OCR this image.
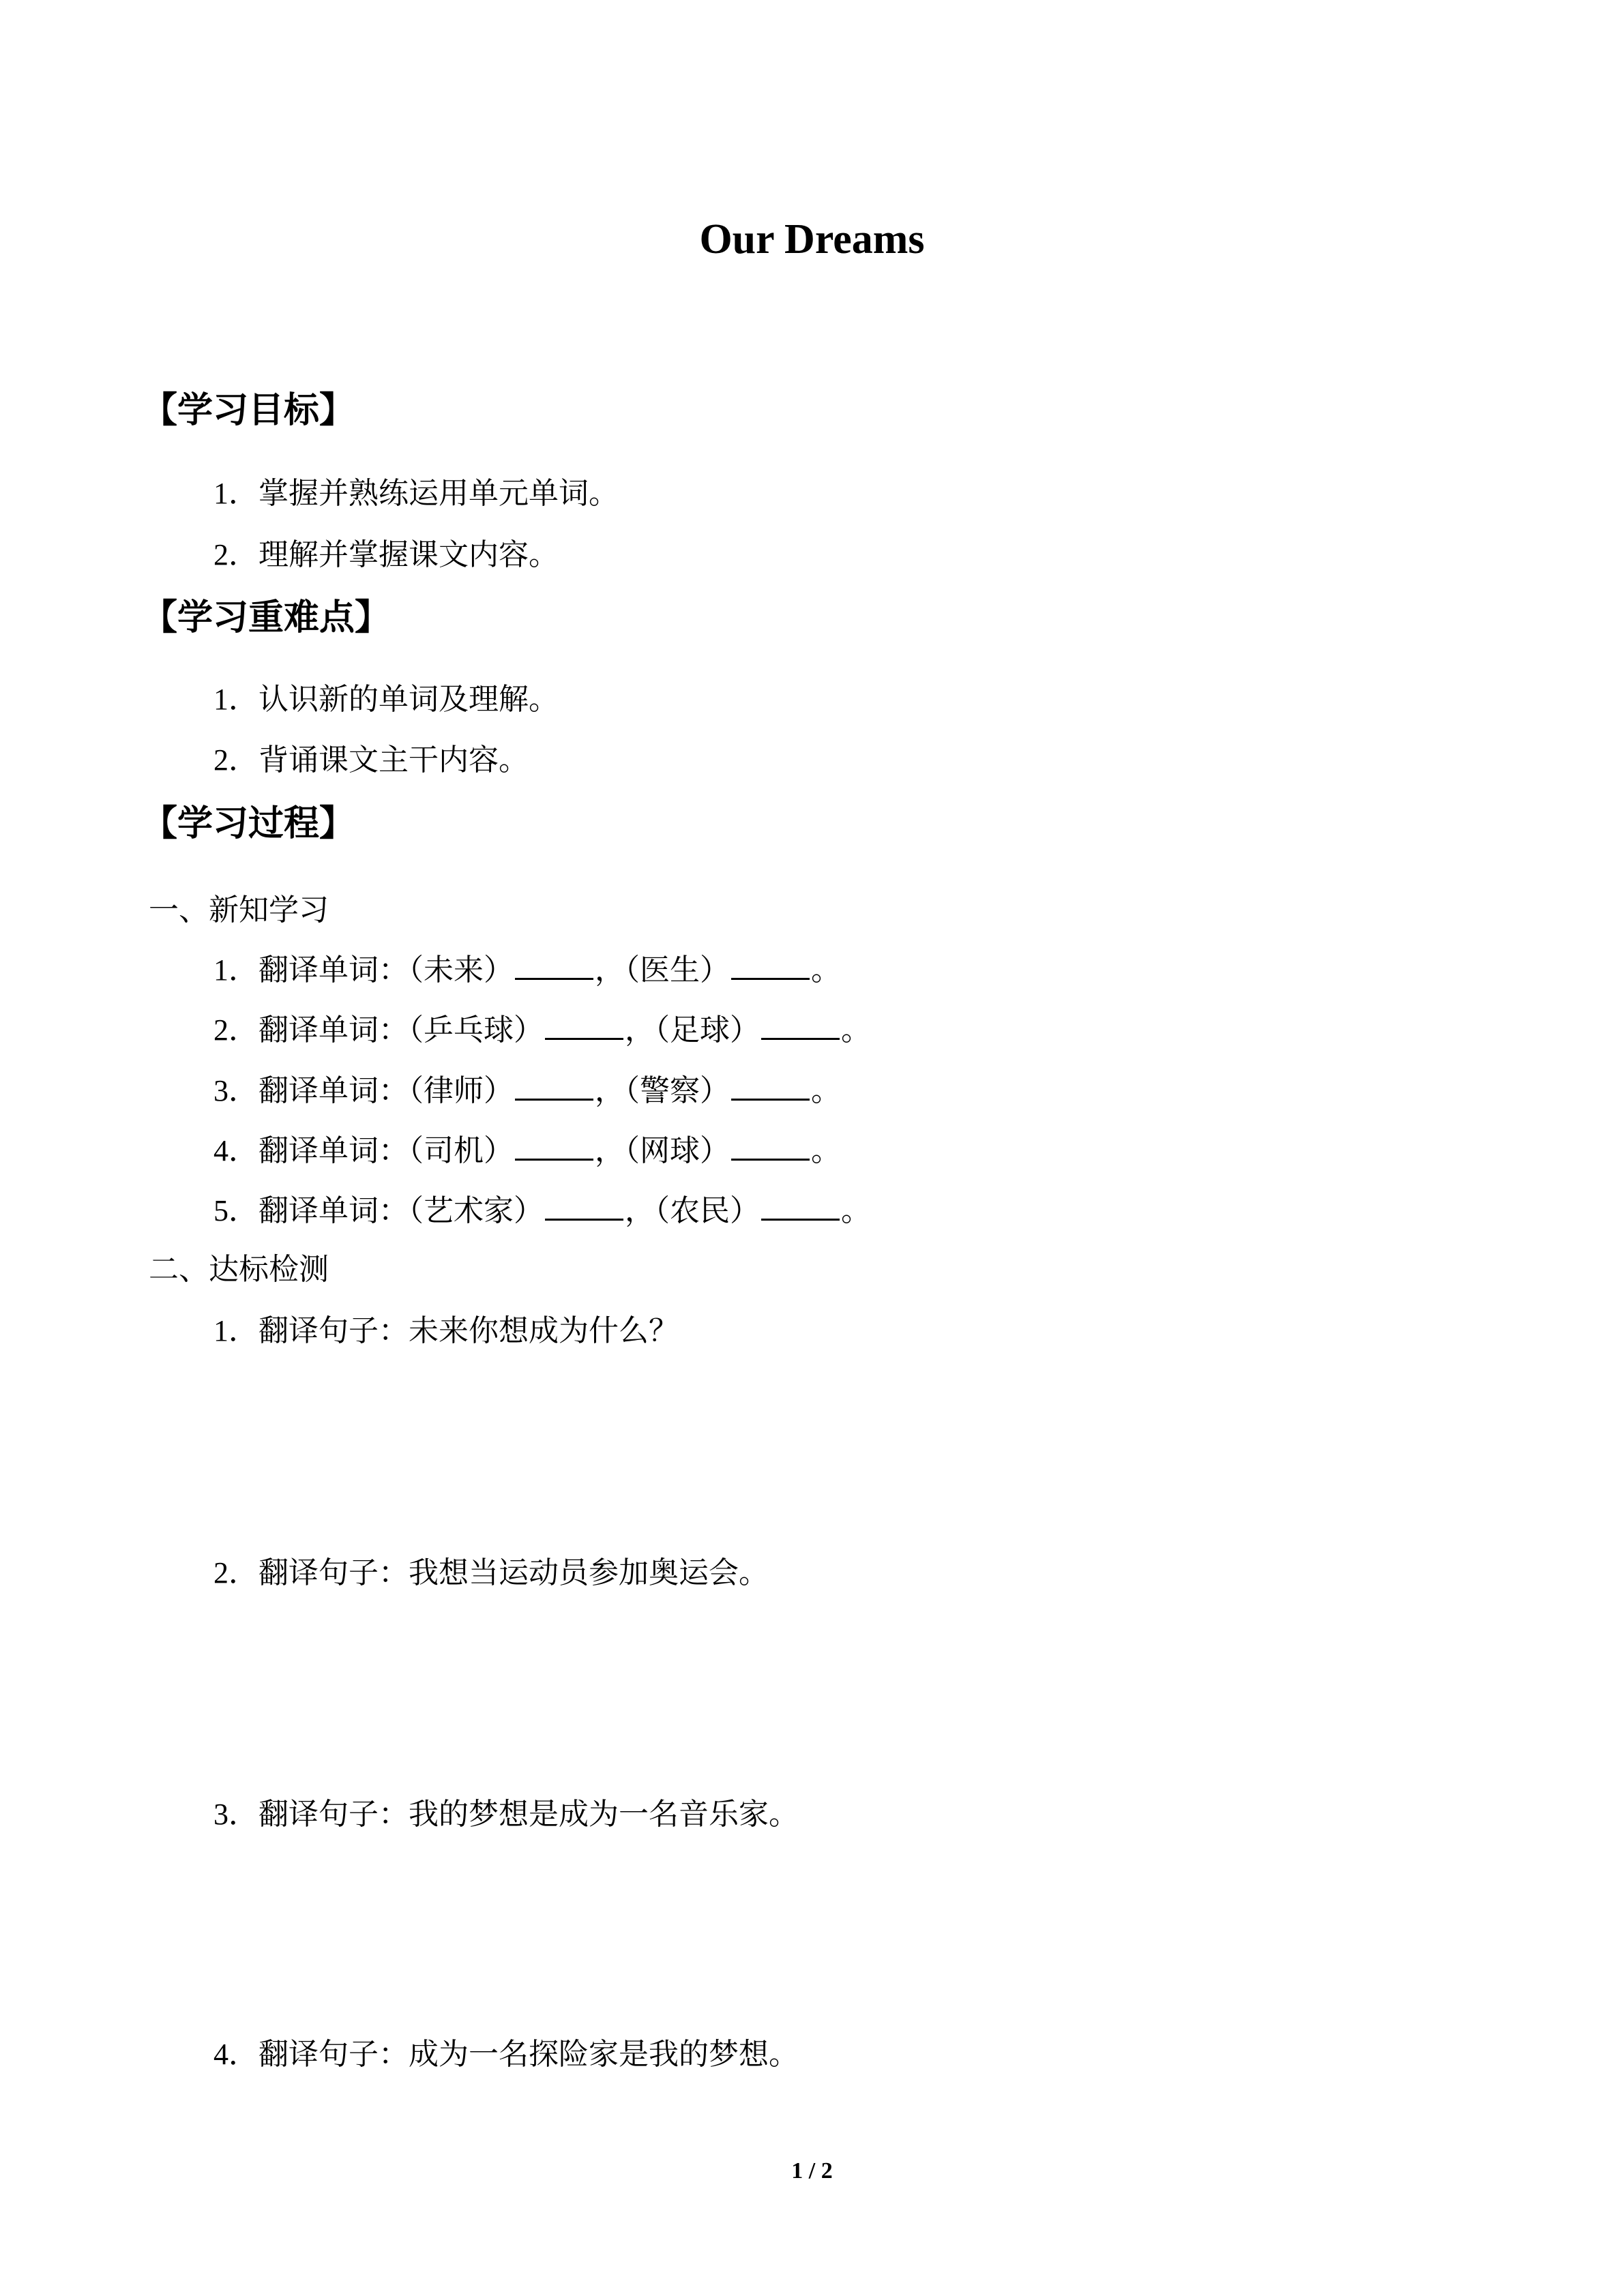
Our Dreams
【学习目标】
1．掌握并熟练运用单元单词。
2．理解并掌握课文内容。
【学习重难点】
1．认识新的单词及理解。
2．背诵课文主干内容。
【学习过程】
一、新知学习
1．翻译单词：（未来）	，（医生）	。
2．翻译单词：（乒乓球）	，（足球）	。
3．翻译单词：（律师）	，（警察）	。
4．翻译单词：（司机）	，（网球）	。
5．翻译单词：（艺术家）	，（农民）	。
二、达标检测
1．翻译句子：未来你想成为什么？
2．翻译句子：我想当运动员参加奥运会。
3．翻译句子：我的梦想是成为一名音乐家。
4．翻译句子：成为一名探险家是我的梦想。
1 / 2
